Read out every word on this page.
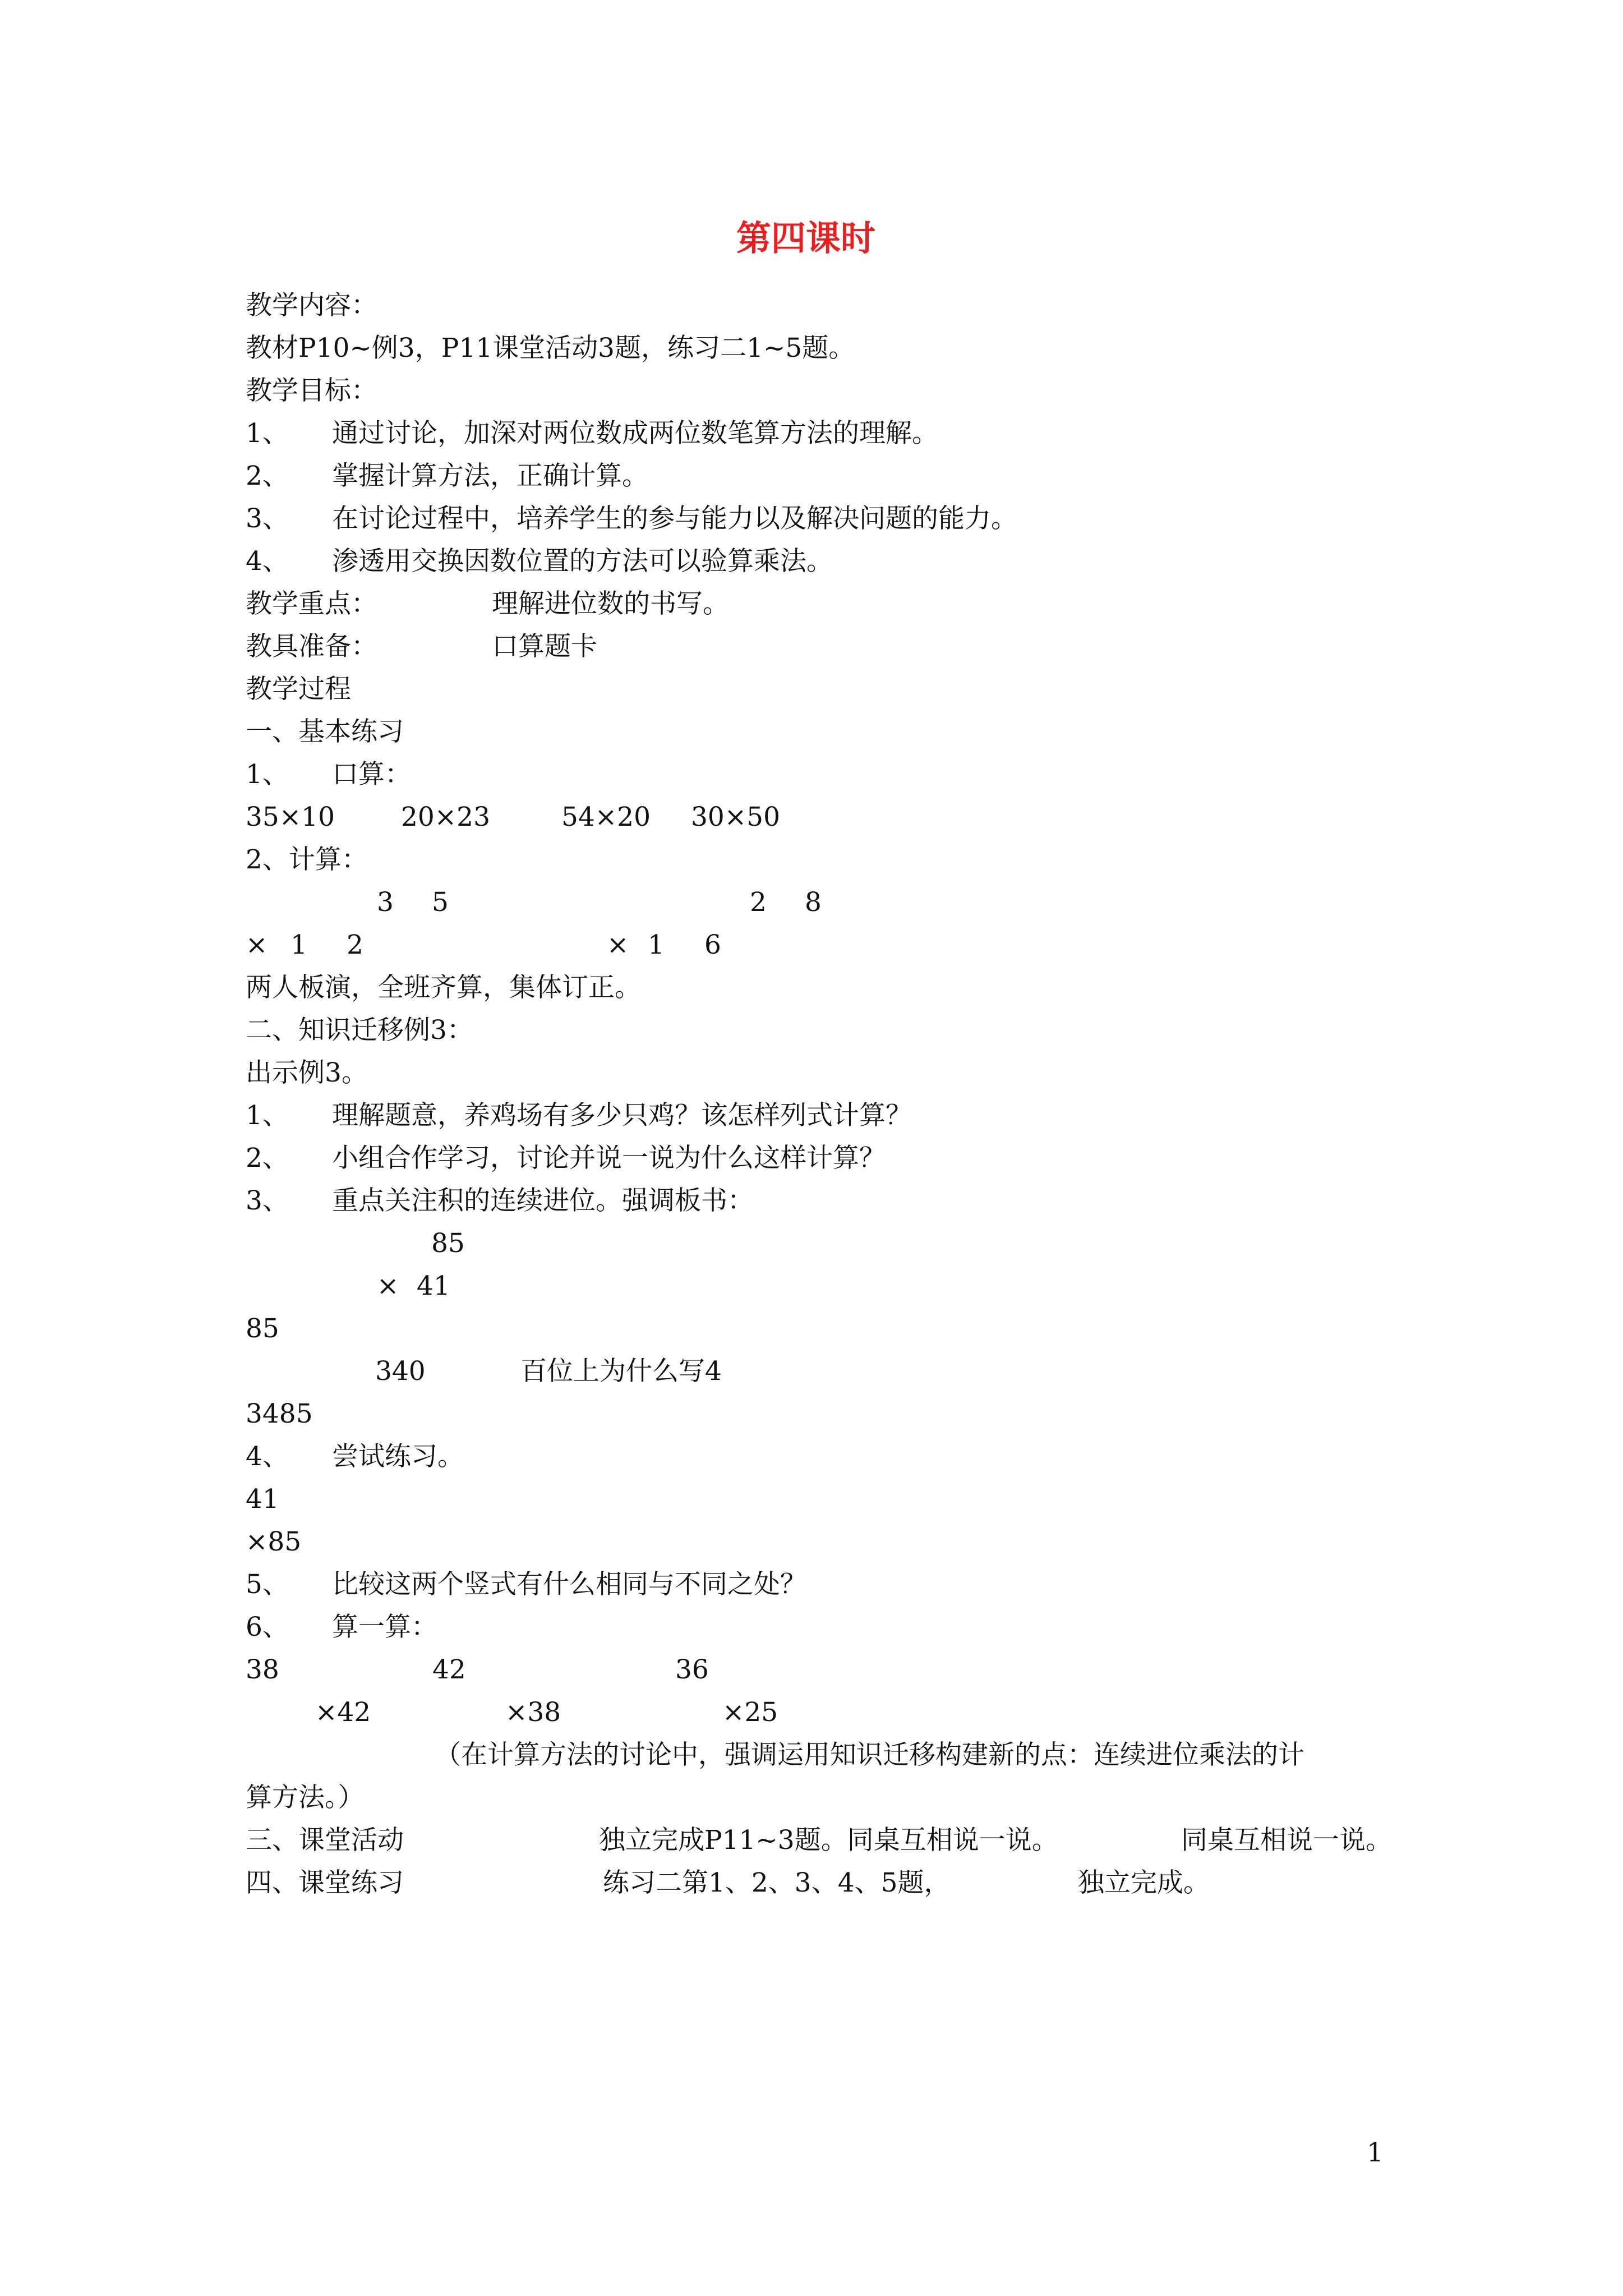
第四课时
教学内容：
教材P10~例3，P11课堂活动3题，练习二1~5题。
教学目标：
1、 通过讨论，加深对两位数成两位数笔算方法的理解。
2、 掌握计算方法，正确计算。
3、 在讨论过程中，培养学生的参与能力以及解决问题的能力。
4、 渗透用交换因数位置的方法可以验算乘法。
教学重点：	理解进位数的书写。
教具准备：	口算题卡
教学过程
一、基本练习
1、 口算：
35×10	20×23	54×20 30×50
2、计算：
3 5	2 8
× 1 2	× 1 6
两人板演，全班齐算，集体订正。
二、知识迁移例3：
出示例3。
1、 理解题意，养鸡场有多少只鸡？该怎样列式计算？
2、 小组合作学习，讨论并说一说为什么这样计算？
3、 重点关注积的连续进位。强调板书：
85
× 41
85
340	百位上为什么写4
3485
4、 尝试练习。
41
×85
5、 比较这两个竖式有什么相同与不同之处？
6、 算一算：
38	42	36
×42	×38	×25
（在计算方法的讨论中，强调运用知识迁移构建新的点：连续进位乘法的计
算方法。）
三、课堂活动	独立完成P11~3题。同桌互相说一说。	同桌互相说一说。
四、课堂练习	练习二第1、2、3、4、5题，	独立完成。
1
